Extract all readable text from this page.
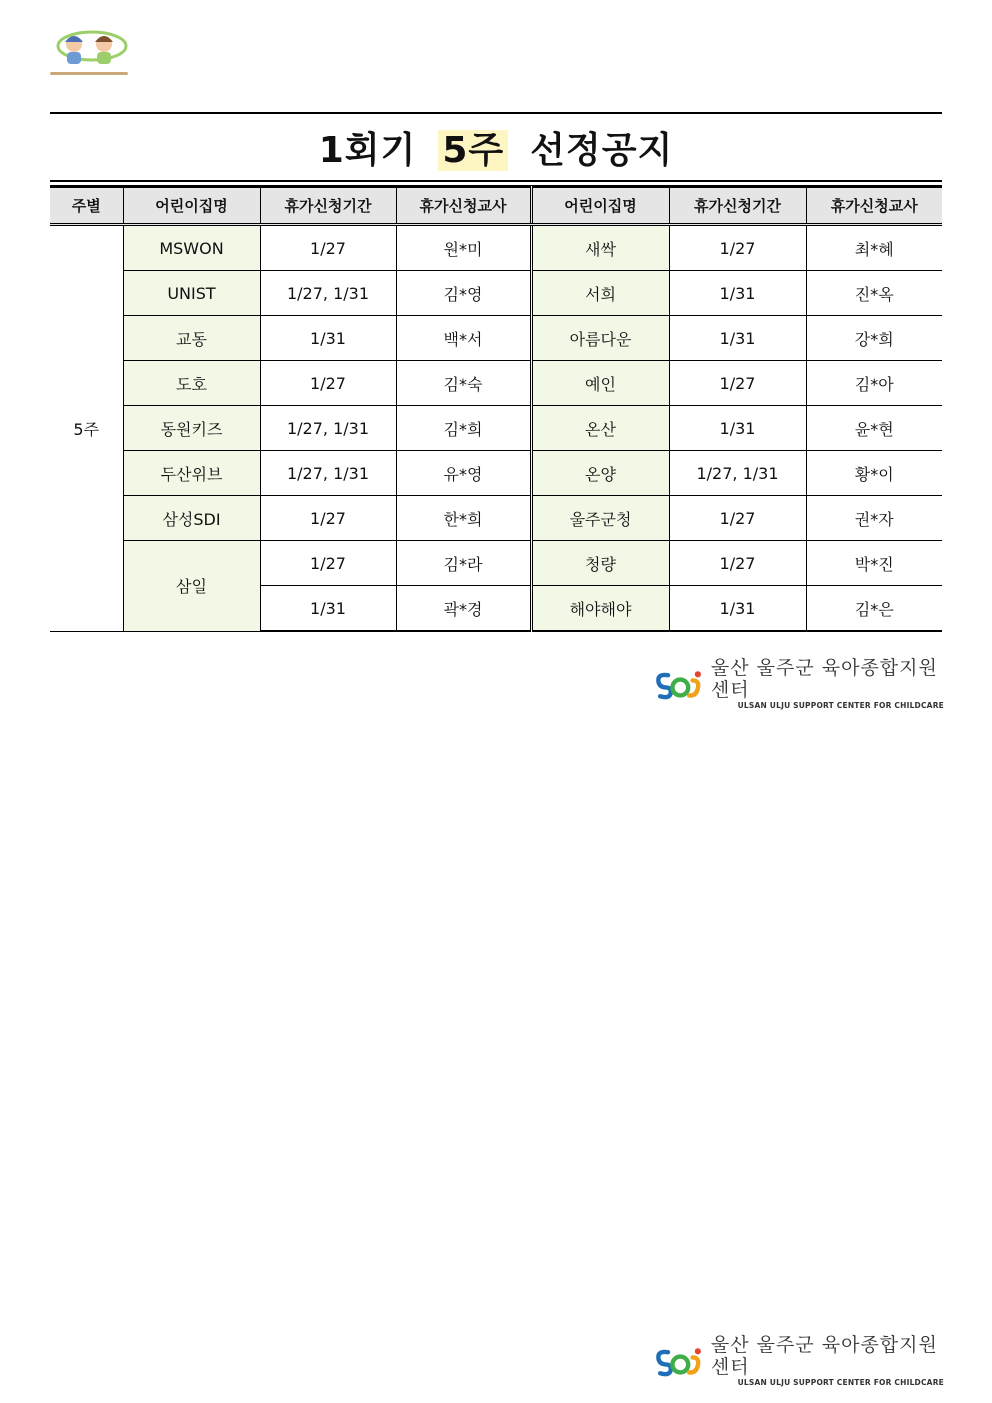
1회기 5주 선정공지
주별	어린이집명	휴가신청기간	휴가신청교사	어린이집명	휴가신청기간	휴가신청교사
5주	MSWON	1/27	원*미	새싹	1/27	최*혜
	UNIST	1/27, 1/31	김*영	서희	1/31	진*옥
	교동	1/31	백*서	아름다운	1/31	강*희
	도호	1/27	김*숙	예인	1/27	김*아
	동원키즈	1/27, 1/31	김*희	온산	1/31	윤*현
	두산위브	1/27, 1/31	유*영	온양	1/27, 1/31	황*이
	삼성SDI	1/27	한*희	울주군청	1/27	권*자
	삼일	1/27	김*라	청량	1/27	박*진
		1/31	곽*경	해야해야	1/31	김*은
울산 울주군 육아종합지원센터
ULSAN ULJU SUPPORT CENTER FOR CHILDCARE
울산 울주군 육아종합지원센터
ULSAN ULJU SUPPORT CENTER FOR CHILDCARE
